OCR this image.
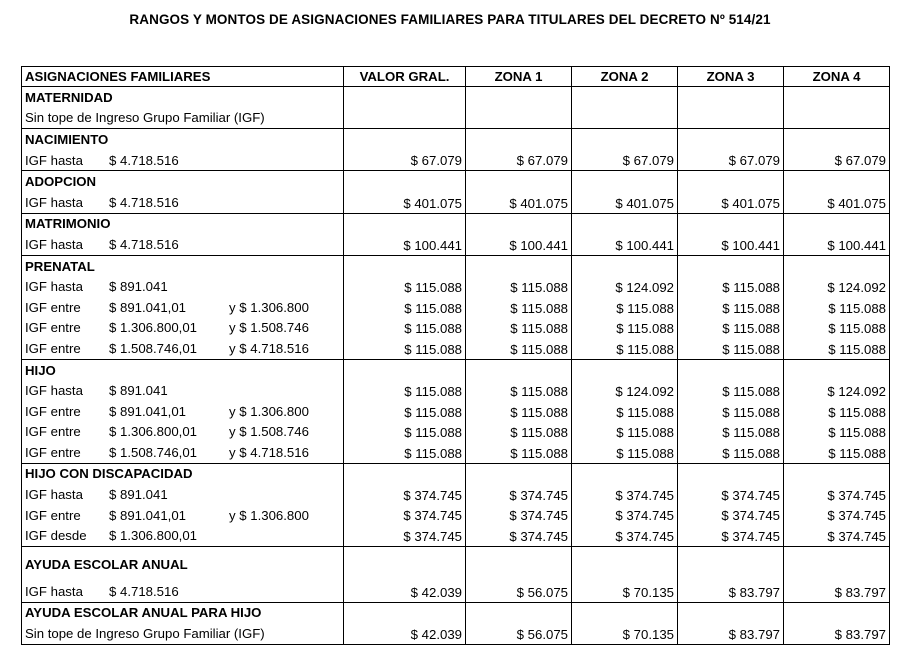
RANGOS Y MONTOS DE ASIGNACIONES FAMILIARES PARA TITULARES DEL DECRETO Nº 514/21
ASIGNACIONES FAMILIARES	VALOR GRAL.	ZONA 1	ZONA 2	ZONA 3	ZONA 4
MATERNIDAD					
Sin tope de Ingreso Grupo Familiar (IGF)					
NACIMIENTO					
IGF hasta $ 4.718.516	$ 67.079	$ 67.079	$ 67.079	$ 67.079	$ 67.079
ADOPCION					
IGF hasta $ 4.718.516	$ 401.075	$ 401.075	$ 401.075	$ 401.075	$ 401.075
MATRIMONIO					
IGF hasta $ 4.718.516	$ 100.441	$ 100.441	$ 100.441	$ 100.441	$ 100.441
PRENATAL					
IGF hasta $ 891.041	$ 115.088	$ 115.088	$ 124.092	$ 115.088	$ 124.092
IGF entre $ 891.041,01 y $ 1.306.800	$ 115.088	$ 115.088	$ 115.088	$ 115.088	$ 115.088
IGF entre $ 1.306.800,01 y $ 1.508.746	$ 115.088	$ 115.088	$ 115.088	$ 115.088	$ 115.088
IGF entre $ 1.508.746,01 y $ 4.718.516	$ 115.088	$ 115.088	$ 115.088	$ 115.088	$ 115.088
HIJO					
IGF hasta $ 891.041	$ 115.088	$ 115.088	$ 124.092	$ 115.088	$ 124.092
IGF entre $ 891.041,01 y $ 1.306.800	$ 115.088	$ 115.088	$ 115.088	$ 115.088	$ 115.088
IGF entre $ 1.306.800,01 y $ 1.508.746	$ 115.088	$ 115.088	$ 115.088	$ 115.088	$ 115.088
IGF entre $ 1.508.746,01 y $ 4.718.516	$ 115.088	$ 115.088	$ 115.088	$ 115.088	$ 115.088
HIJO CON DISCAPACIDAD					
IGF hasta $ 891.041	$ 374.745	$ 374.745	$ 374.745	$ 374.745	$ 374.745
IGF entre $ 891.041,01 y $ 1.306.800	$ 374.745	$ 374.745	$ 374.745	$ 374.745	$ 374.745
IGF desde $ 1.306.800,01	$ 374.745	$ 374.745	$ 374.745	$ 374.745	$ 374.745
AYUDA ESCOLAR ANUAL					
IGF hasta $ 4.718.516	$ 42.039	$ 56.075	$ 70.135	$ 83.797	$ 83.797
AYUDA ESCOLAR ANUAL PARA HIJO					
Sin tope de Ingreso Grupo Familiar (IGF)	$ 42.039	$ 56.075	$ 70.135	$ 83.797	$ 83.797
